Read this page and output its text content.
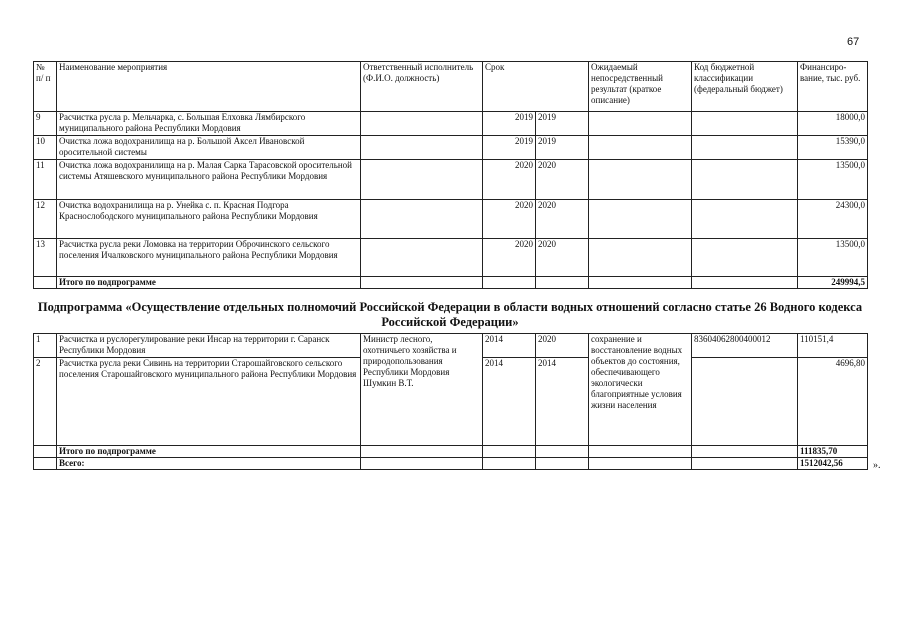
67
№ п/ п	Наименование мероприятия	Ответственный исполнитель (Ф.И.О. должность)	Срок		Ожидаемый непосредственный результат (краткое описание)	Код бюджетной классификации (федеральный бюджет)	Финансиро-вание, тыс. руб.
9	Расчистка русла р. Мельчарка, с. Большая Елховка Лямбирского муниципального района Республики Мордовия		2019	2019			18000,0
10	Очистка ложа водохранилища на р. Большой Аксел Ивановской оросительной системы		2019	2019			15390,0
11	Очистка ложа водохранилища на р. Малая Сарка Тарасовской оросительной системы Атяшевского муниципального района Республики Мордовия		2020	2020			13500,0
12	Очистка водохранилища на р. Унейка с. п. Красная Подгора Краснослободского муниципального района Республики Мордовия		2020	2020			24300,0
13	Расчистка русла реки Ломовка на территории Оброчинского сельского поселения Ичалковского муниципального района Республики Мордовия		2020	2020			13500,0
	Итого по подпрограмме						249994,5
Подпрограмма «Осуществление отдельных полномочий Российской Федерации в области водных отношений согласно статье 26 Водного кодекса Российской Федерации»
1	Расчистка и руслорегулирование реки Инсар на территории г. Саранск Республики Мордовия	Министр лесного, охотничьего хозяйства и природопользования Республики Мордовия Шумкин В.Т.	2014	2020	сохранение и восстановление водных объектов до состояния, обеспечивающего экологически благоприятные условия жизни населения	83604062800400012	110151,4
2	Расчистка русла реки Сивинь на территории Старошайговского сельского поселения Старошайговского муниципального района Республики Мордовия		2014	2014			4696,80
	Итого по подпрограмме						111835,70
	Всего:						1512042,56	».
